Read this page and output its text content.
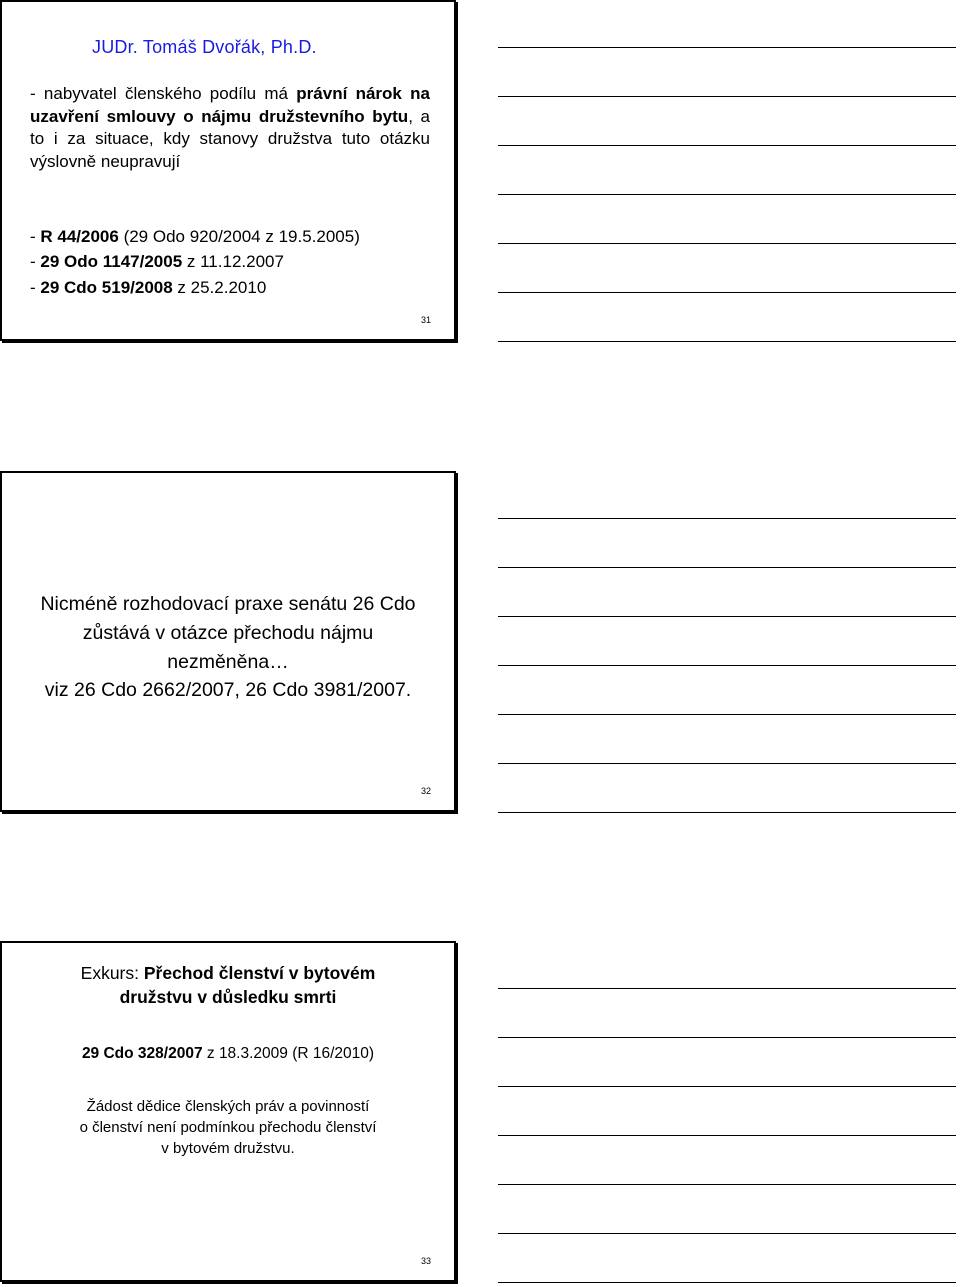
JUDr. Tomáš Dvořák, Ph.D.
- nabyvatel členského podílu má právní nárok na uzavření smlouvy o nájmu družstevního bytu, a to i za situace, kdy stanovy družstva tuto otázku výslovně neupravují
- R 44/2006 (29 Odo 920/2004 z 19.5.2005)
- 29 Odo 1147/2005 z 11.12.2007
- 29 Cdo 519/2008 z 25.2.2010
31
Nicméně rozhodovací praxe senátu 26 Cdo
zůstává v otázce přechodu nájmu
nezměněna…
viz 26 Cdo 2662/2007, 26 Cdo 3981/2007.
32
Exkurs: Přechod členství v bytovém
družstvu v důsledku smrti
29 Cdo 328/2007 z 18.3.2009 (R 16/2010)
Žádost dědice členských práv a povinností
o členství není podmínkou přechodu členství
v bytovém družstvu.
33
